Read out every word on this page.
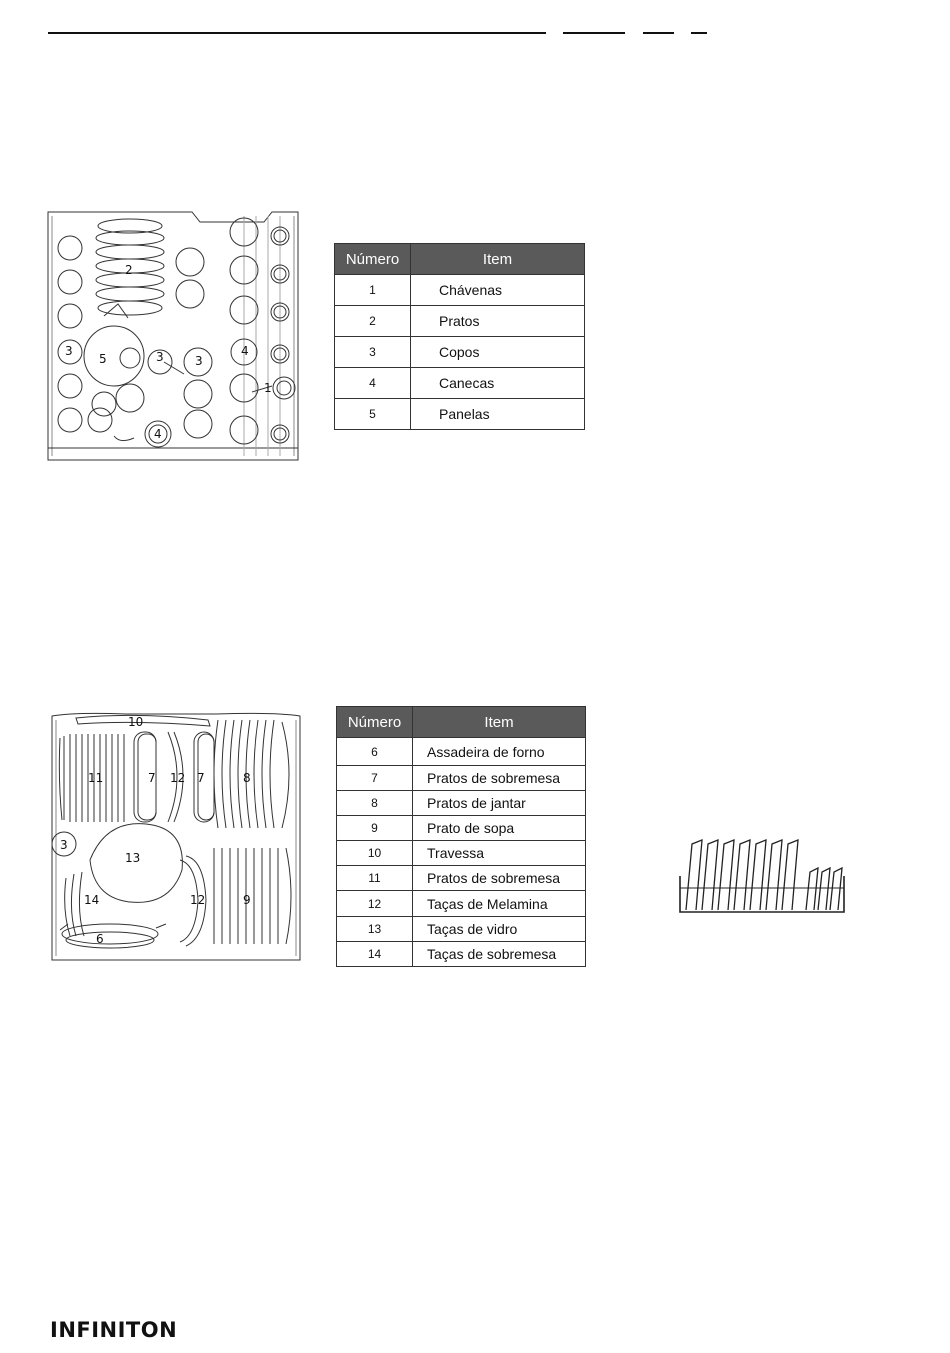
2
3
5	3	3
4
4
1
Número	Item
1	Chávenas
2	Pratos
3	Copos
4	Canecas
5	Panelas
10
11	7 12 7	8
3
13
14	12	9
6
Número	Item
6	Assadeira de forno
7	Pratos de sobremesa
8	Pratos de jantar
9	Prato de sopa
10	Travessa
11	Pratos de sobremesa
12	Taças de Melamina
13	Taças de vidro
14	Taças de sobremesa
INFINITON
